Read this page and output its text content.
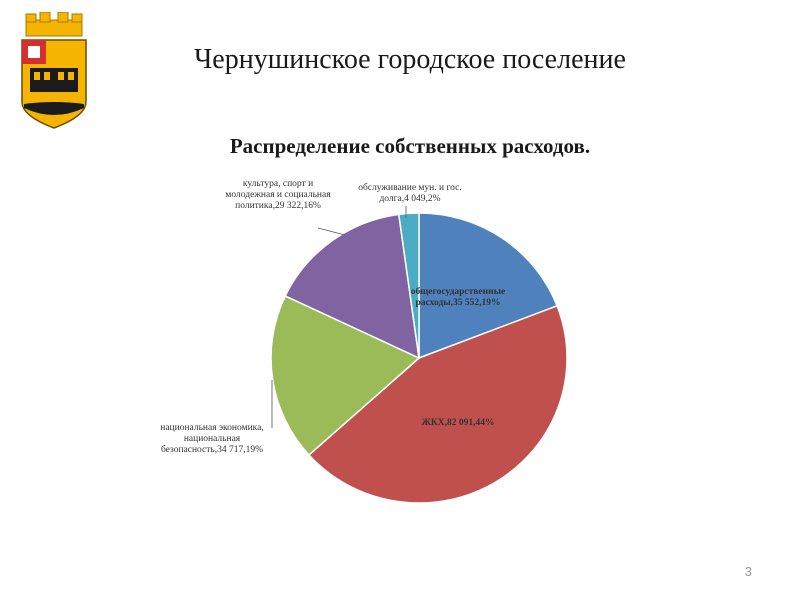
Чернушинское городское поселение
Распределение собственных расходов.
общегосударственные расходы,35 552,19%
ЖКХ,82 091,44%
национальная экономика, национальная безопасность,34 717,19%
культура, спорт и молодежная и социальная политика,29 322,16%
обслуживание мун. и гос. долга,4 049,2%
3
